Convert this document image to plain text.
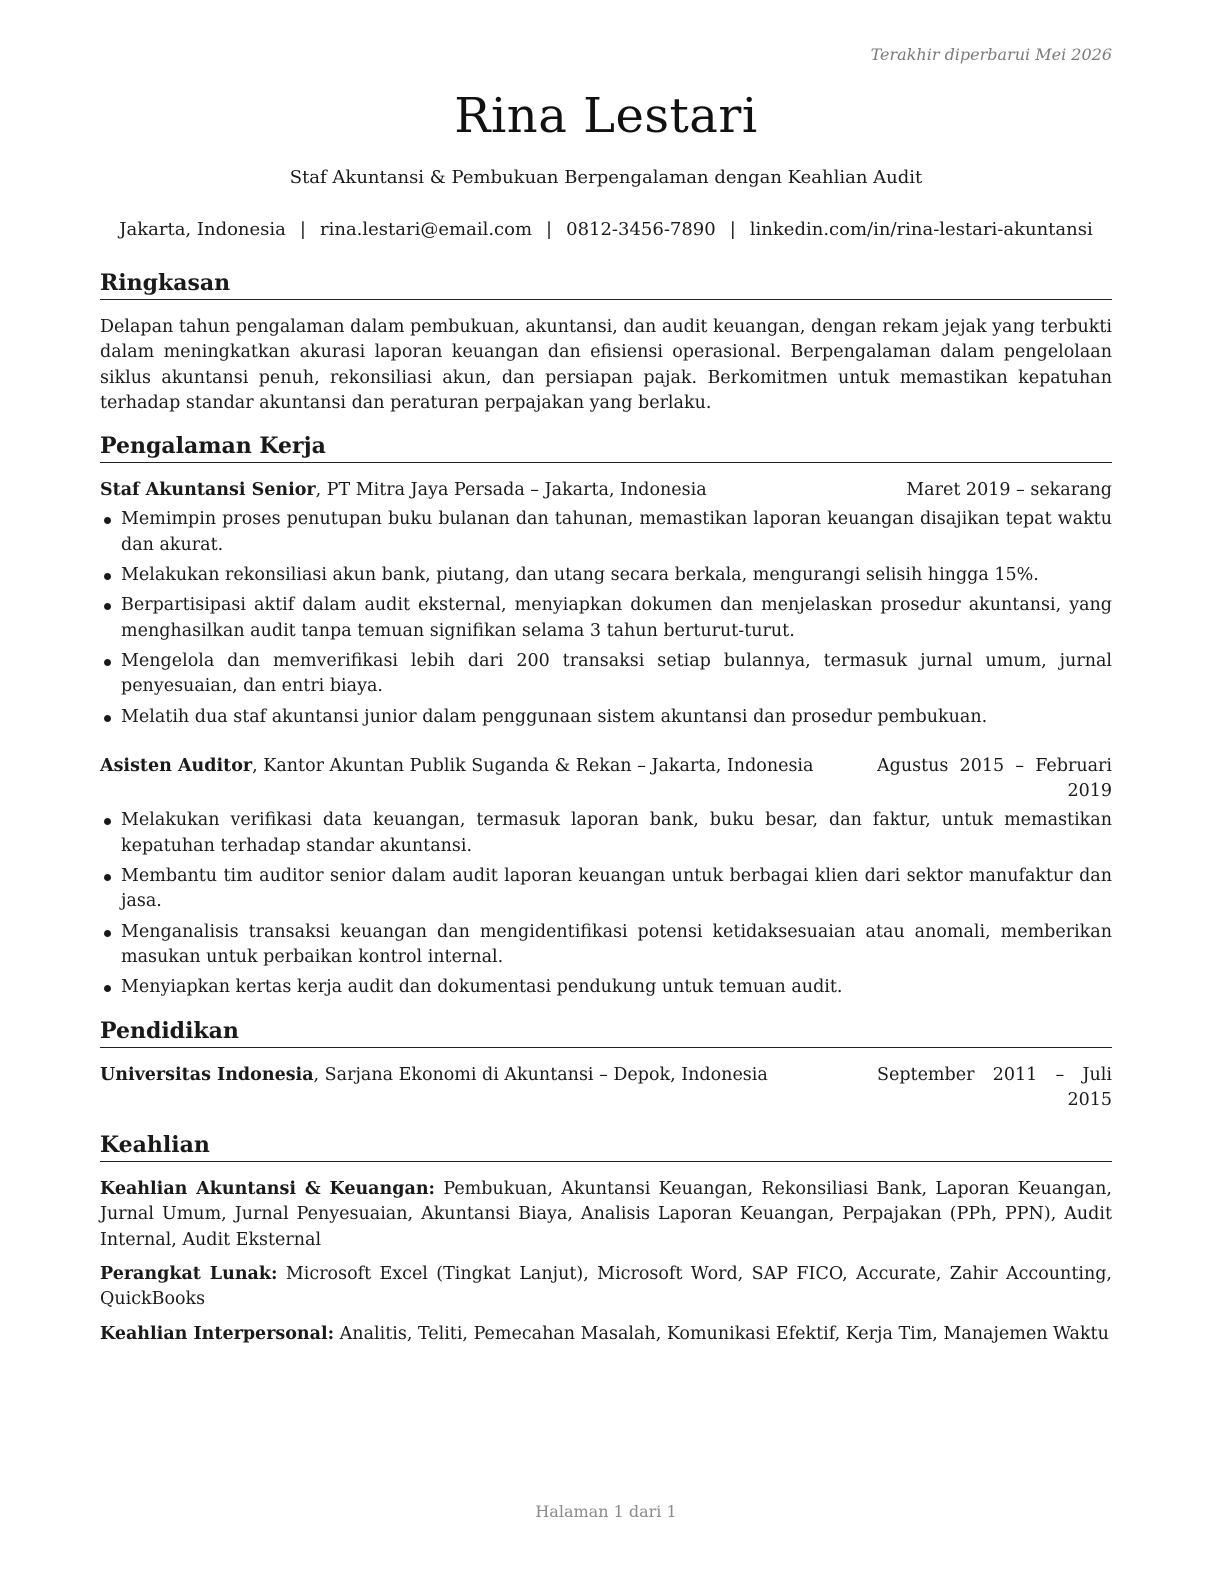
Terakhir diperbarui Mei 2026
Rina Lestari
Staf Akuntansi & Pembukuan Berpengalaman dengan Keahlian Audit
Jakarta, Indonesia | rina.lestari@email.com | 0812-3456-7890 | linkedin.com/in/rina-lestari-akuntansi
Ringkasan

Delapan tahun pengalaman dalam pembukuan, akuntansi, dan audit keuangan, dengan rekam jejak yang terbukti dalam meningkatkan akurasi laporan keuangan dan efisiensi operasional. Berpengalaman dalam pengelolaan siklus akuntansi penuh, rekonsiliasi akun, dan persiapan pajak. Berkomitmen untuk memastikan kepatuhan terhadap standar akuntansi dan peraturan perpajakan yang berlaku.

Pengalaman Kerja
Staf Akuntansi Senior, PT Mitra Jaya Persada – Jakarta, Indonesia	Maret 2019 – sekarang
Memimpin proses penutupan buku bulanan dan tahunan, memastikan laporan keuangan disajikan tepat waktu dan akurat.
Melakukan rekonsiliasi akun bank, piutang, dan utang secara berkala, mengurangi selisih hingga 15%.
Berpartisipasi aktif dalam audit eksternal, menyiapkan dokumen dan menjelaskan prosedur akuntansi, yang menghasilkan audit tanpa temuan signifikan selama 3 tahun berturut-turut.
Mengelola dan memverifikasi lebih dari 200 transaksi setiap bulannya, termasuk jurnal umum, jurnal penyesuaian, dan entri biaya.
Melatih dua staf akuntansi junior dalam penggunaan sistem akuntansi dan prosedur pembukuan.
Asisten Auditor, Kantor Akuntan Publik Suganda & Rekan – Jakarta, Indonesia	Agustus 2015 – Februari 2019
Melakukan verifikasi data keuangan, termasuk laporan bank, buku besar, dan faktur, untuk memastikan kepatuhan terhadap standar akuntansi.
Membantu tim auditor senior dalam audit laporan keuangan untuk berbagai klien dari sektor manufaktur dan jasa.
Menganalisis transaksi keuangan dan mengidentifikasi potensi ketidaksesuaian atau anomali, memberikan masukan untuk perbaikan kontrol internal.
Menyiapkan kertas kerja audit dan dokumentasi pendukung untuk temuan audit.
Pendidikan
Universitas Indonesia, Sarjana Ekonomi di Akuntansi – Depok, Indonesia	September 2011 – Juli 2015
Keahlian

Keahlian Akuntansi & Keuangan: Pembukuan, Akuntansi Keuangan, Rekonsiliasi Bank, Laporan Keuangan, Jurnal Umum, Jurnal Penyesuaian, Akuntansi Biaya, Analisis Laporan Keuangan, Perpajakan (PPh, PPN), Audit Internal, Audit Eksternal

Perangkat Lunak: Microsoft Excel (Tingkat Lanjut), Microsoft Word, SAP FICO, Accurate, Zahir Accounting, QuickBooks

Keahlian Interpersonal: Analitis, Teliti, Pemecahan Masalah, Komunikasi Efektif, Kerja Tim, Manajemen Waktu

Halaman 1 dari 1
